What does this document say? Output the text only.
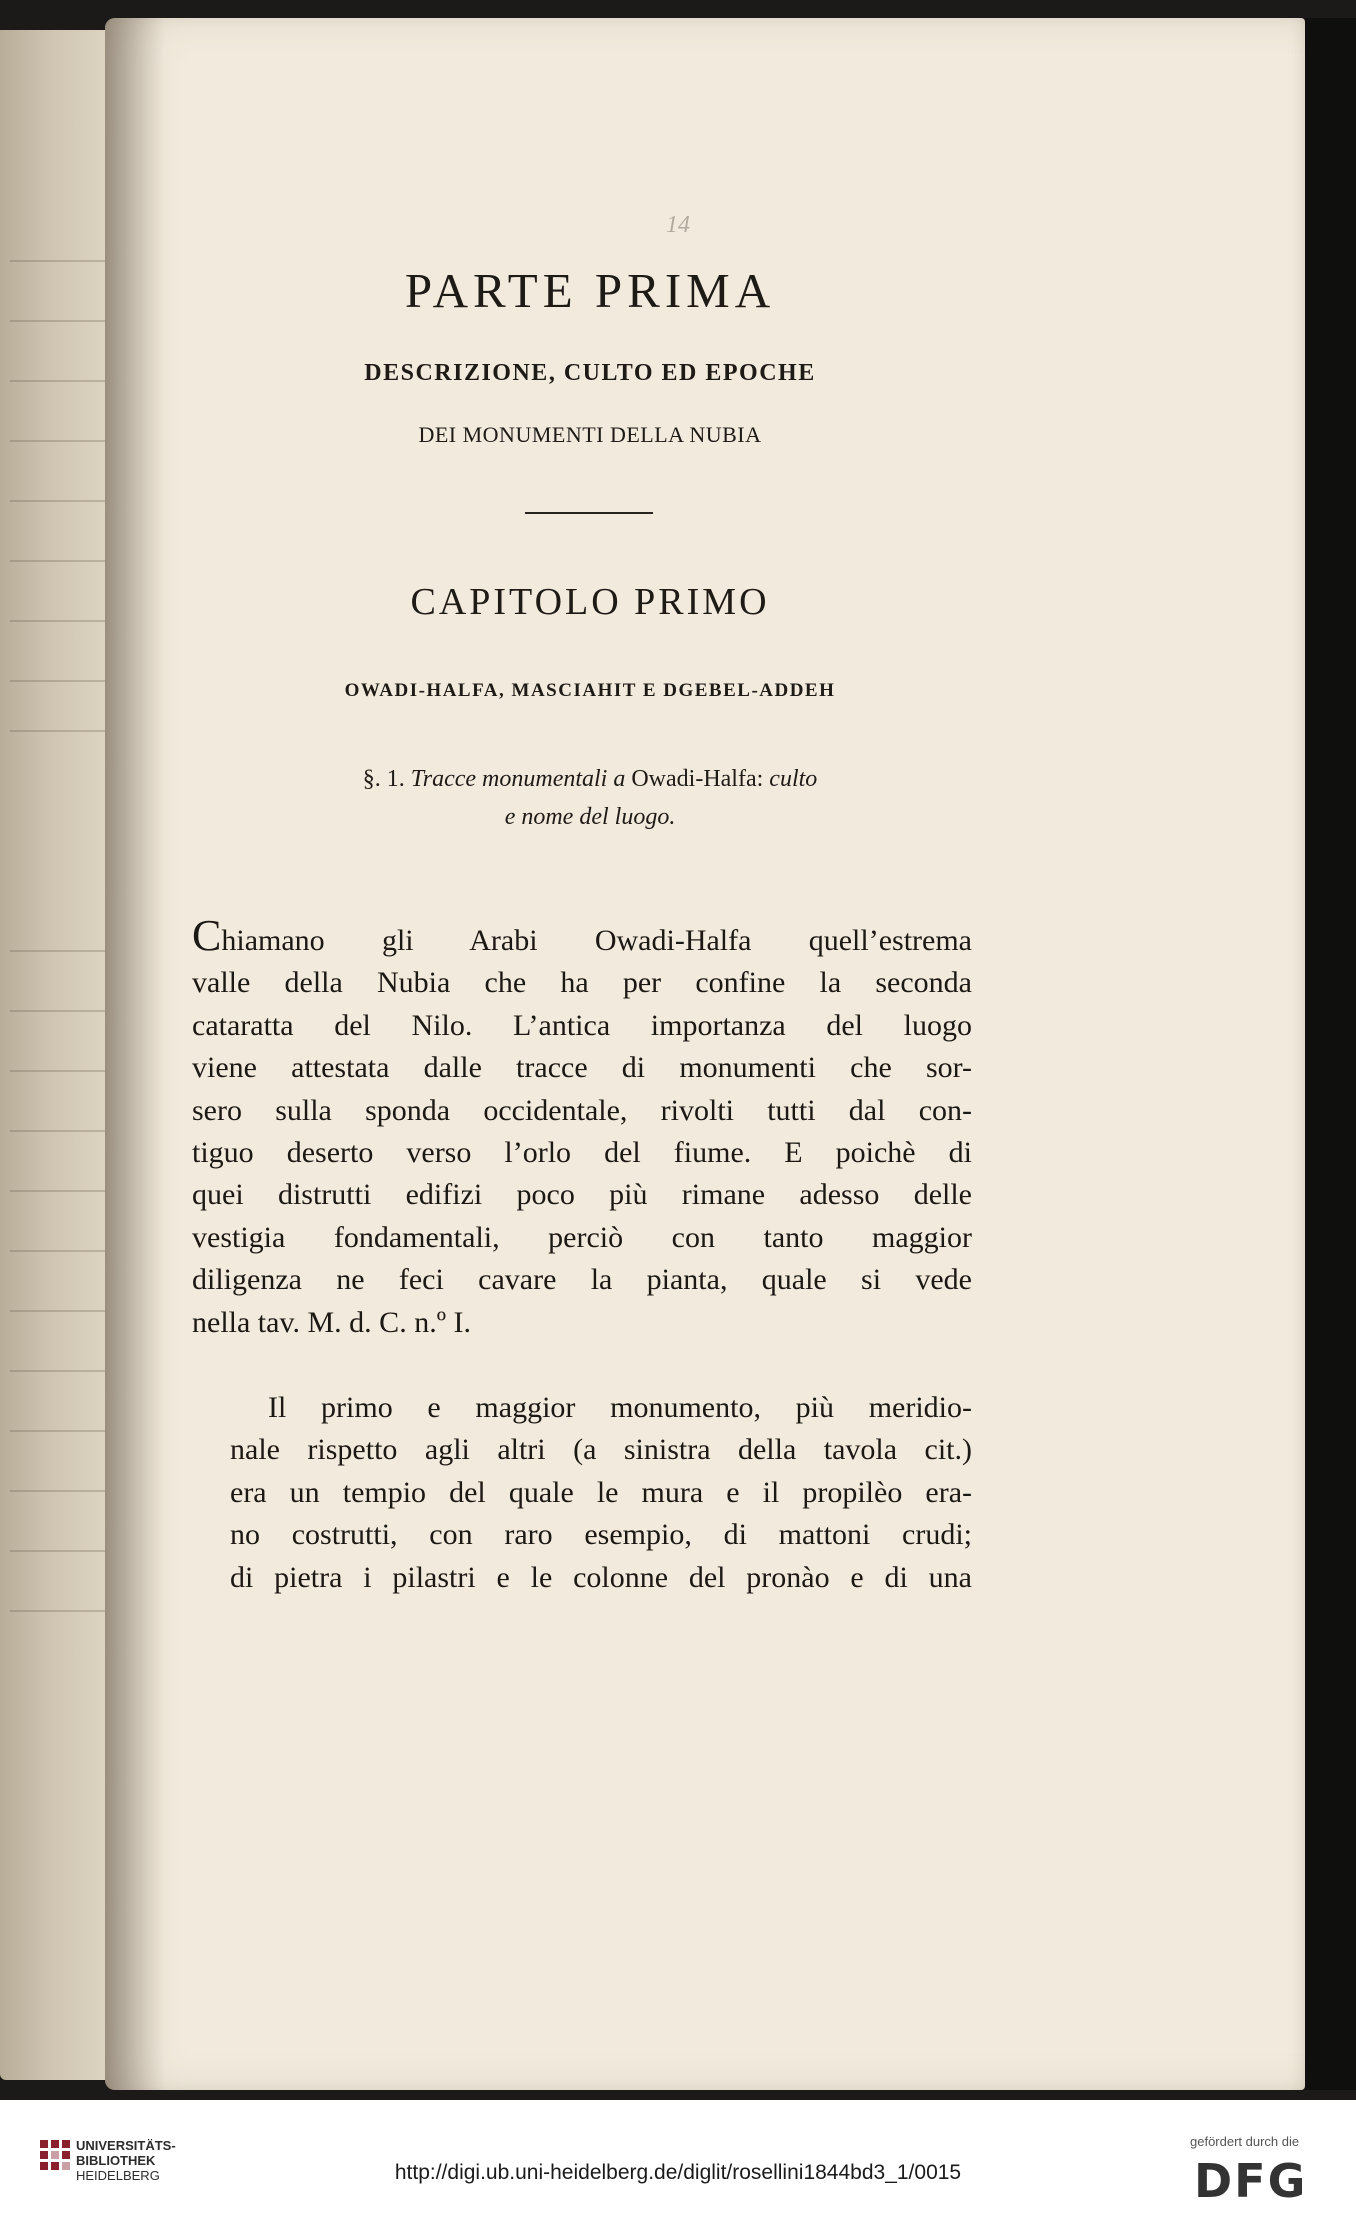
14
PARTE PRIMA
DESCRIZIONE, CULTO ED EPOCHE
DEI MONUMENTI DELLA NUBIA
CAPITOLO PRIMO
OWADI-HALFA, MASCIAHIT E DGEBEL-ADDEH
§. 1. Tracce monumentali a Owadi-Halfa: culto
e nome del luogo.
Chiamano gli Arabi Owadi-Halfa quell’estrema
valle della Nubia che ha per confine la seconda
cataratta del Nilo. L’antica importanza del luogo
viene attestata dalle tracce di monumenti che sor-
sero sulla sponda occidentale, rivolti tutti dal con-
tiguo deserto verso l’orlo del fiume. E poichè di
quei distrutti edifizi poco più rimane adesso delle
vestigia fondamentali, perciò con tanto maggior
diligenza ne feci cavare la pianta, quale si vede
nella tav. M. d. C. n.º I.
Il primo e maggior monumento, più meridio-
nale rispetto agli altri (a sinistra della tavola cit.)
era un tempio del quale le mura e il propilèo era-
no costrutti, con raro esempio, di mattoni crudi;
di pietra i pilastri e le colonne del pronào e di una
UNIVERSITÄTS-
BIBLIOTHEK
HEIDELBERG	http://digi.ub.uni-heidelberg.de/diglit/rosellini1844bd3_1/0015
gefördert durch die
DFG
